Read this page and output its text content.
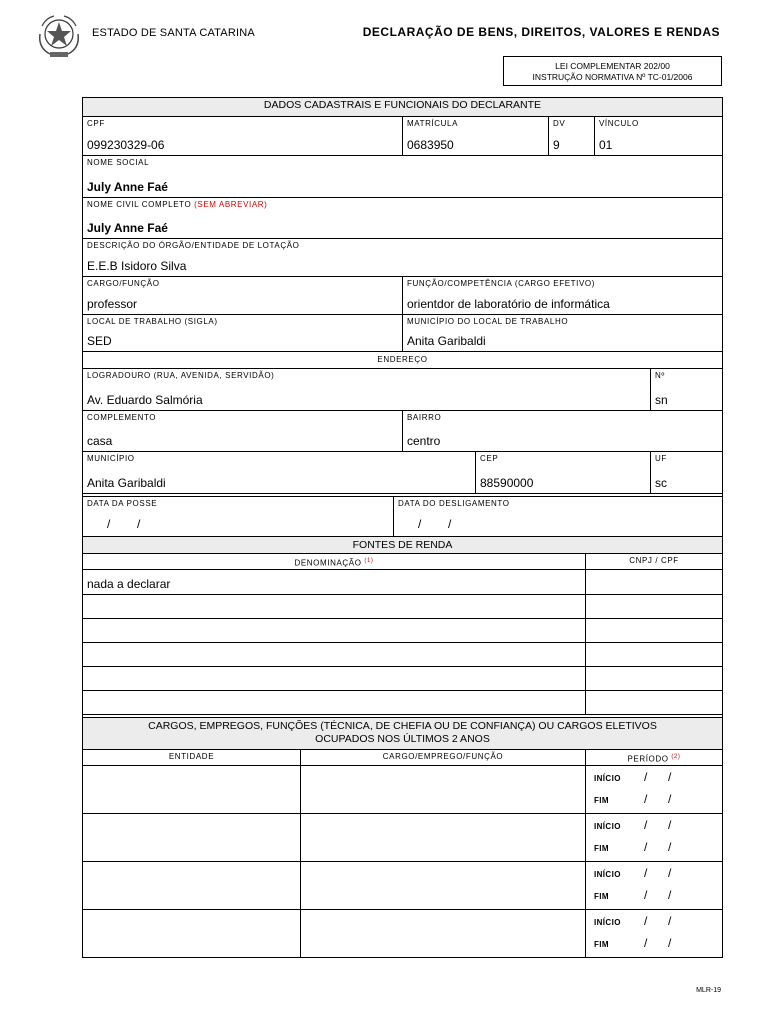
ESTADO DE SANTA CATARINA	DECLARAÇÃO DE BENS, DIREITOS, VALORES E RENDAS
LEI COMPLEMENTAR 202/00
INSTRUÇÃO NORMATIVA Nº TC-01/2006
DADOS CADASTRAIS E FUNCIONAIS DO DECLARANTE
CPF
099230329-06
MATRÍCULA
0683950
DV
9
VÍNCULO
01
NOME SOCIAL
July Anne Faé
NOME CIVIL COMPLETO (SEM ABREVIAR)
July Anne Faé
DESCRIÇÃO DO ÓRGÃO/ENTIDADE DE LOTAÇÃO
E.E.B Isidoro Silva
CARGO/FUNÇÃO
professor
FUNÇÃO/COMPETÊNCIA (CARGO EFETIVO)
orientdor de laboratório de informática
LOCAL DE TRABALHO (SIGLA)
SED
MUNICÍPIO DO LOCAL DE TRABALHO
Anita Garibaldi
ENDEREÇO
LOGRADOURO (RUA, AVENIDA, SERVIDÃO)
Av. Eduardo Salmória
Nº
sn
COMPLEMENTO
casa
BAIRRO
centro
MUNICÍPIO
Anita Garibaldi
CEP
88590000
UF
sc
DATA DA POSSE
/ /
DATA DO DESLIGAMENTO
/ /
FONTES DE RENDA
DENOMINAÇÃO $^{(1)}$	CNPJ / CPF
nada a declarar
CARGOS, EMPREGOS, FUNÇÕES (TÉCNICA, DE CHEFIA OU DE CONFIANÇA) OU CARGOS ELETIVOS
OCUPADOS NOS ÚLTIMOS 2 ANOS
ENTIDADE	CARGO/EMPREGO/FUNÇÃO	PERÍODO $^{(2)}$
INÍCIO / /
FIM	/ /
INÍCIO / /
FIM	/ /
INÍCIO / /
FIM	/ /
INÍCIO / /
FIM	/ /
MLR-19
